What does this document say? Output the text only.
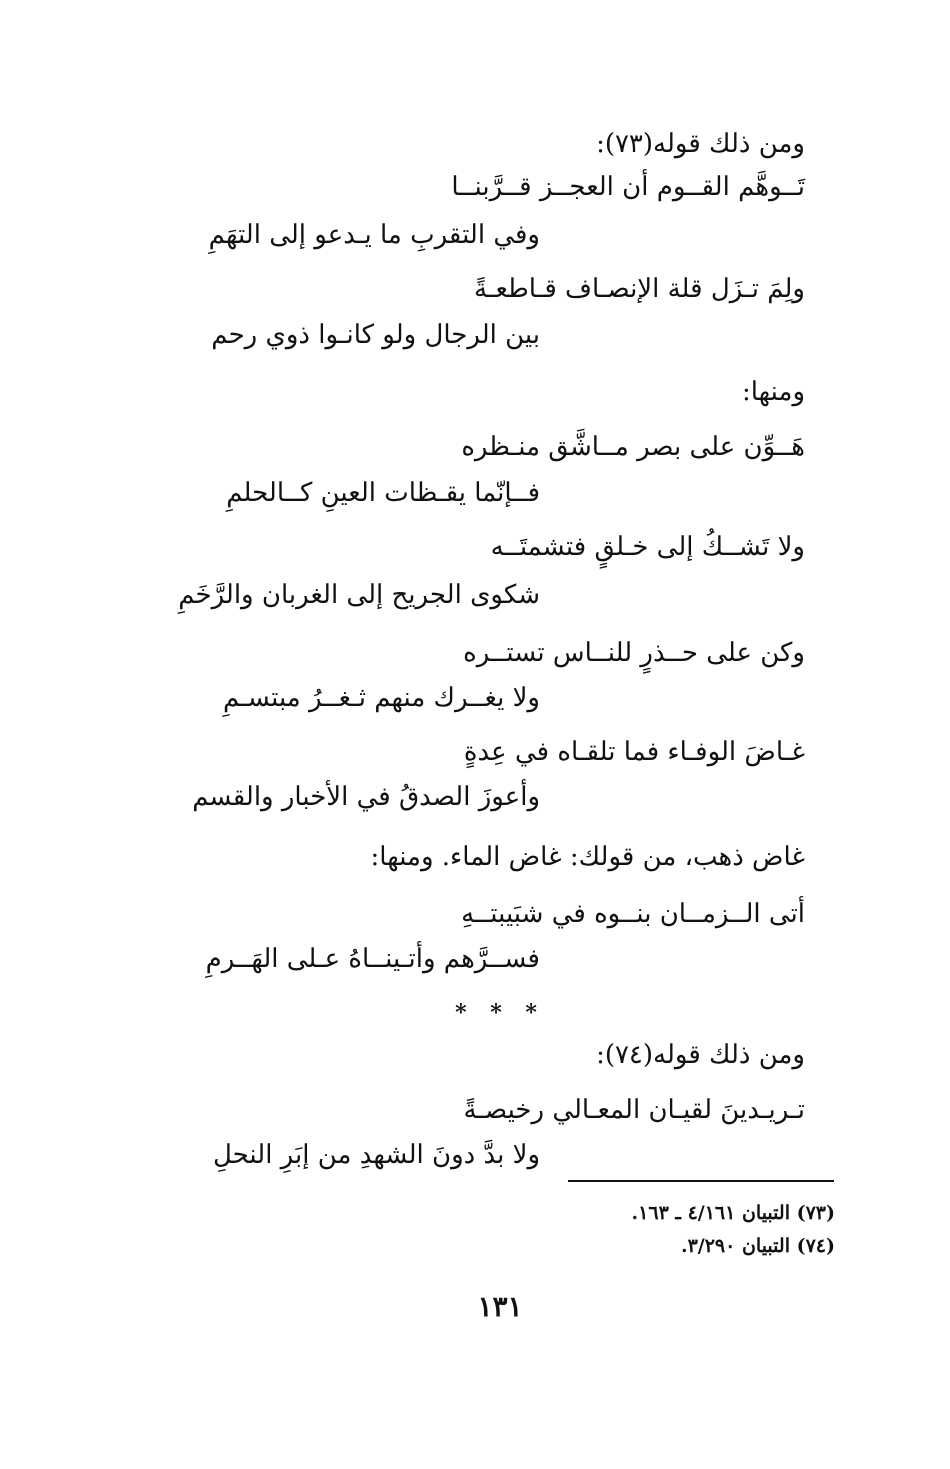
ومن ذلك قوله(٧٣):
تَــوهَّم القــوم أن العجــز قــرَّبنــا
وفي التقربِ ما يـدعو إلى التهَمِ
ولِمَ تـزَل قلة الإنصـاف قـاطعـةً
بين الرجال ولو كانـوا ذوي رحم
ومنها:
هَــوِّن على بصر مــاشَّق منـظره
فــإنّما يقـظات العينِ كــالحلمِ
ولا تَشــكُ إلى خـلقٍ فتشمتَــه
شكوى الجريح إلى الغربان والرَّخَمِ
وكن على حــذرٍ للنــاس تستــره
ولا يغــرك منهم ثـغــرُ مبتسـمِ
غـاضَ الوفـاء فما تلقـاه في عِدةٍ
وأعوزَ الصدقُ في الأخبار والقسم
غاض ذهب، من قولك: غاض الماء. ومنها:
أتى الــزمــان بنــوه في شبَيبتــهِ
فســرَّهم وأتـينــاهُ عـلى الهَــرمِ
* * *
ومن ذلك قوله(٧٤):
تـريـدينَ لقيـان المعـالي رخيصـةً
ولا بدَّ دونَ الشهدِ من إبَرِ النحلِ
(٧٣) التبيان ٤/١٦١ ـ ١٦٣.
(٧٤) التبيان ٣/٢٩٠.
١٣١
